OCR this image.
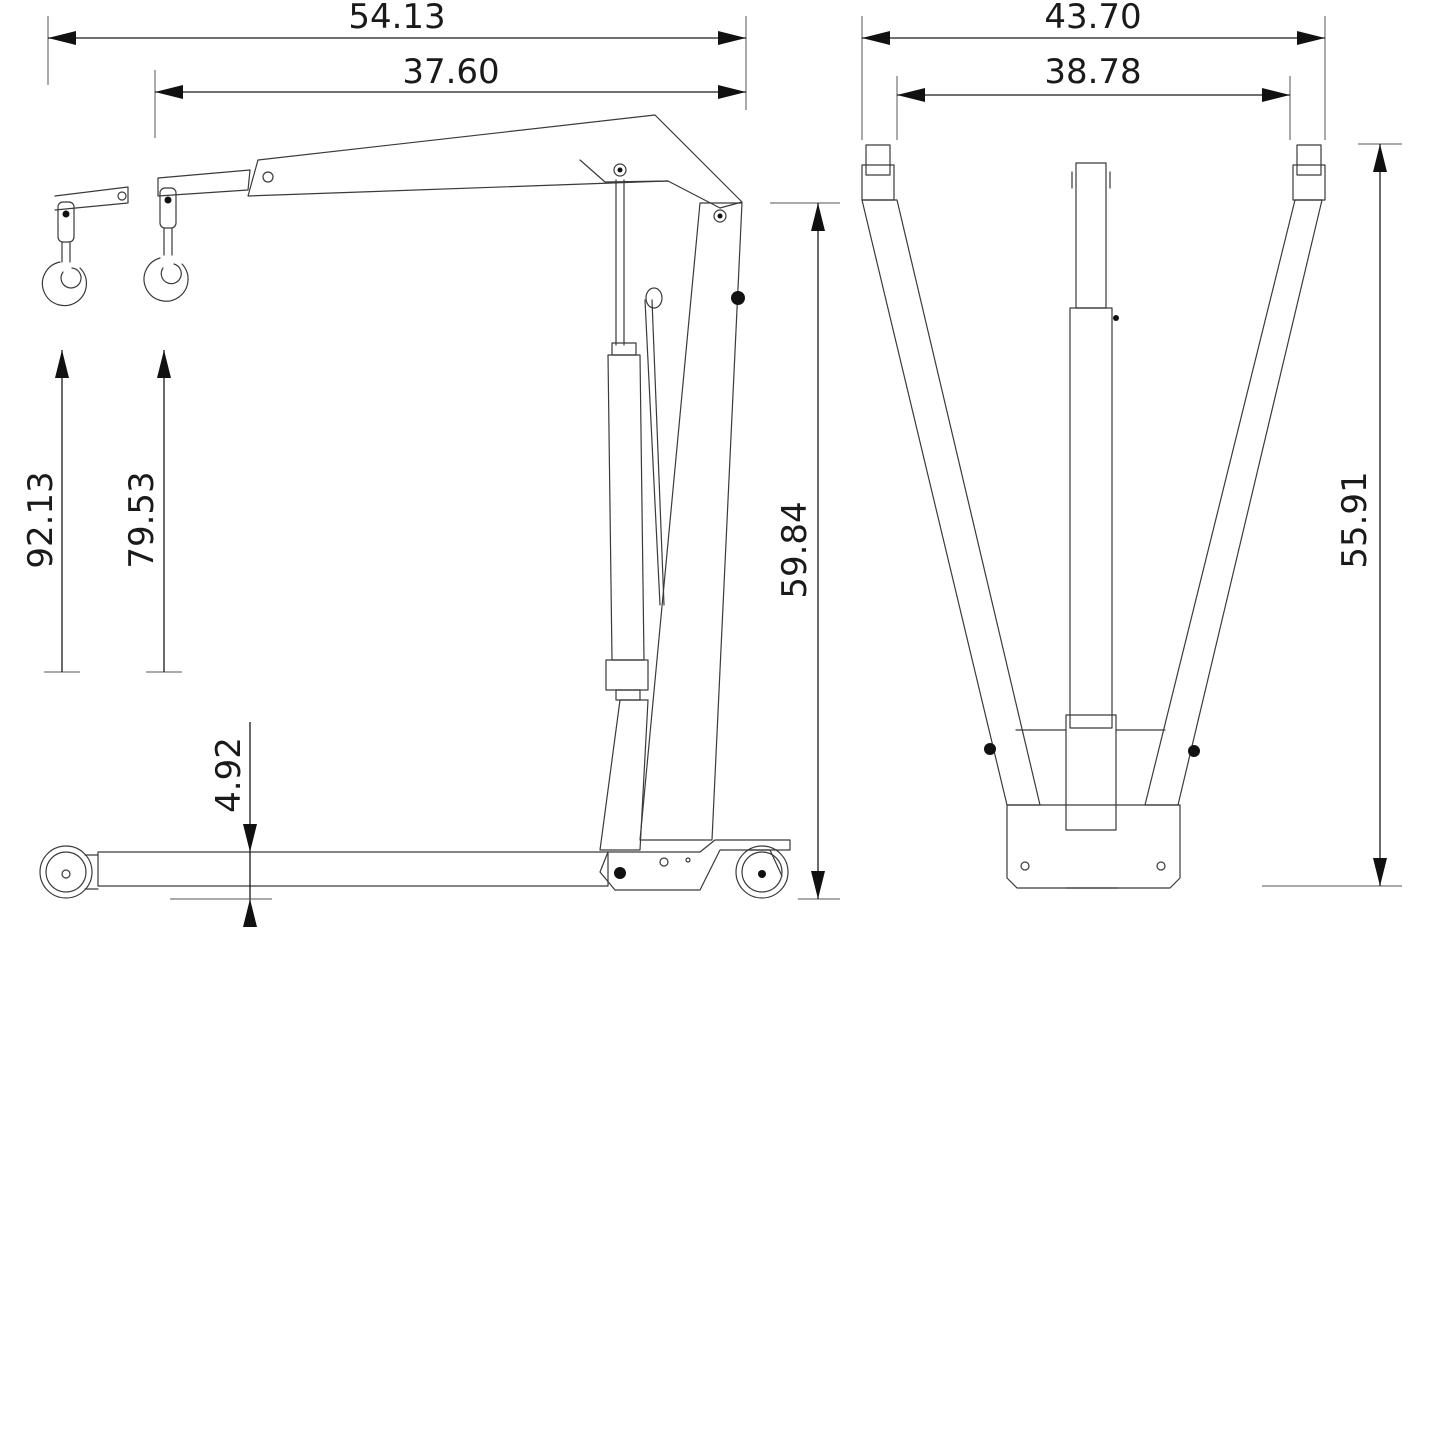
54.13
37.60
92.13 79.53
4.92
59.84
43.70
38.78
55.91
